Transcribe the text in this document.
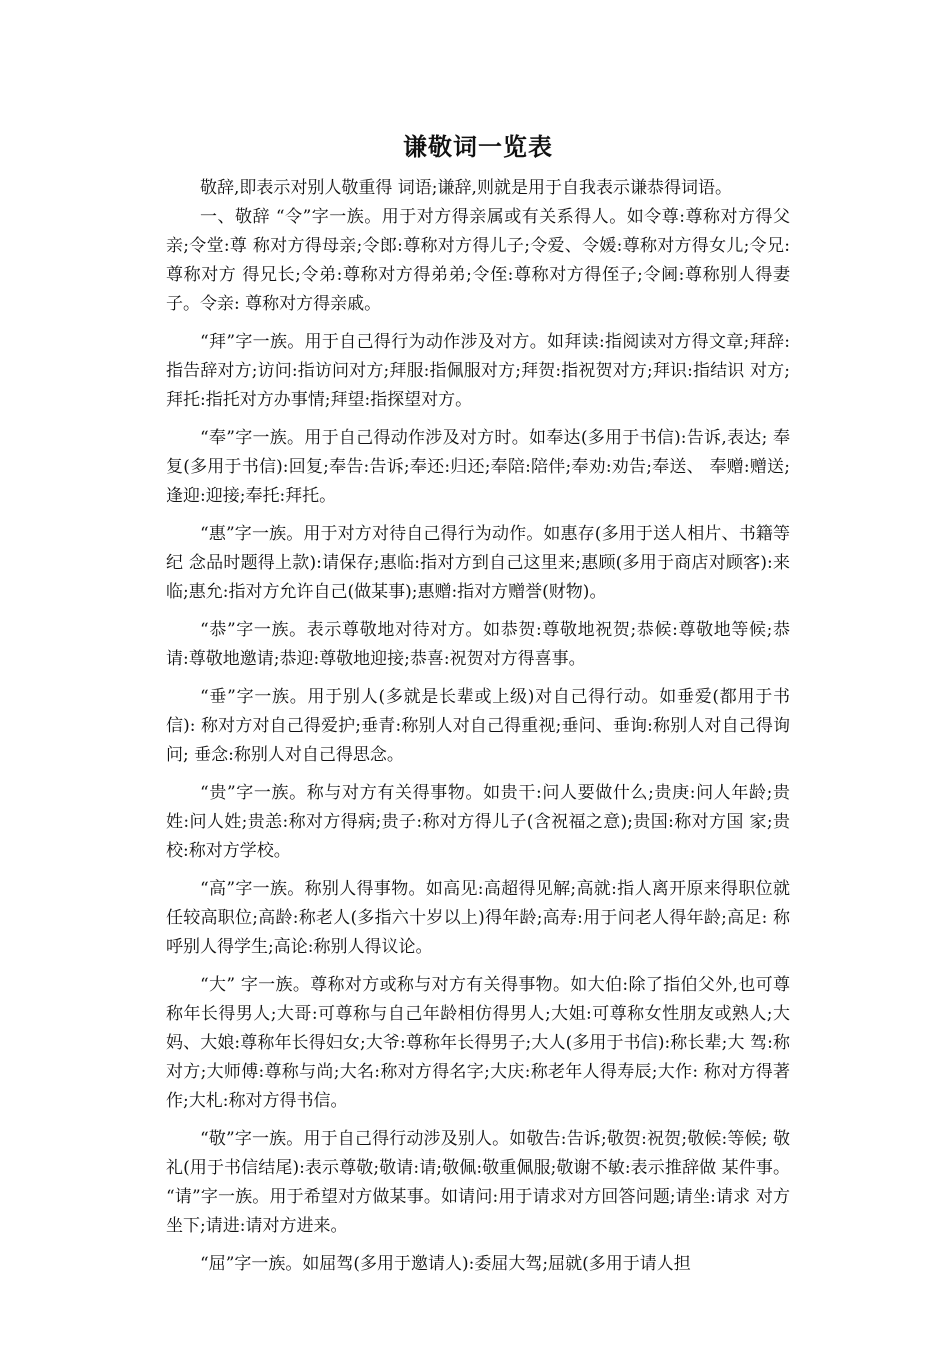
谦敬词一览表

敬辞,即表示对别人敬重得 词语;谦辞,则就是用于自我表示谦恭得词语。

一、敬辞 “令”字一族。用于对方得亲属或有关系得人。如令尊:尊称对方得父亲;令堂:尊 称对方得母亲;令郎:尊称对方得儿子;令爱、令媛:尊称对方得女儿;令兄:尊称对方 得兄长;令弟:尊称对方得弟弟;令侄:尊称对方得侄子;令阃:尊称别人得妻子。令亲: 尊称对方得亲戚。

“拜”字一族。用于自己得行为动作涉及对方。如拜读:指阅读对方得文章;拜辞: 指告辞对方;访问:指访问对方;拜服:指佩服对方;拜贺:指祝贺对方;拜识:指结识 对方;拜托:指托对方办事情;拜望:指探望对方。

“奉”字一族。用于自己得动作涉及对方时。如奉达(多用于书信):告诉,表达; 奉复(多用于书信):回复;奉告:告诉;奉还:归还;奉陪:陪伴;奉劝:劝告;奉送、 奉赠:赠送;逢迎:迎接;奉托:拜托。

“惠”字一族。用于对方对待自己得行为动作。如惠存(多用于送人相片、书籍等纪 念品时题得上款):请保存;惠临:指对方到自己这里来;惠顾(多用于商店对顾客):来 临;惠允:指对方允许自己(做某事);惠赠:指对方赠誉(财物)。

“恭”字一族。表示尊敬地对待对方。如恭贺:尊敬地祝贺;恭候:尊敬地等候;恭 请:尊敬地邀请;恭迎:尊敬地迎接;恭喜:祝贺对方得喜事。

“垂”字一族。用于别人(多就是长辈或上级)对自己得行动。如垂爱(都用于书信): 称对方对自己得爱护;垂青:称别人对自己得重视;垂问、垂询:称别人对自己得询问; 垂念:称别人对自己得思念。

“贵”字一族。称与对方有关得事物。如贵干:问人要做什么;贵庚:问人年龄;贵 姓:问人姓;贵恙:称对方得病;贵子:称对方得儿子(含祝福之意);贵国:称对方国 家;贵校:称对方学校。

“高”字一族。称别人得事物。如高见:高超得见解;高就:指人离开原来得职位就 任较高职位;高龄:称老人(多指六十岁以上)得年龄;高寿:用于问老人得年龄;高足: 称呼别人得学生;高论:称别人得议论。

“大” 字一族。尊称对方或称与对方有关得事物。如大伯:除了指伯父外,也可尊 称年长得男人;大哥:可尊称与自己年龄相仿得男人;大姐:可尊称女性朋友或熟人;大 妈、大娘:尊称年长得妇女;大爷:尊称年长得男子;大人(多用于书信):称长辈;大 驾:称对方;大师傅:尊称与尚;大名:称对方得名字;大庆:称老年人得寿辰;大作: 称对方得著作;大札:称对方得书信。

“敬”字一族。用于自己得行动涉及别人。如敬告:告诉;敬贺:祝贺;敬候:等候; 敬礼(用于书信结尾):表示尊敬;敬请:请;敬佩:敬重佩服;敬谢不敏:表示推辞做 某件事。 “请”字一族。用于希望对方做某事。如请问:用于请求对方回答问题;请坐:请求 对方坐下;请进:请对方进来。

“屈”字一族。如屈驾(多用于邀请人):委屈大驾;屈就(多用于请人担
